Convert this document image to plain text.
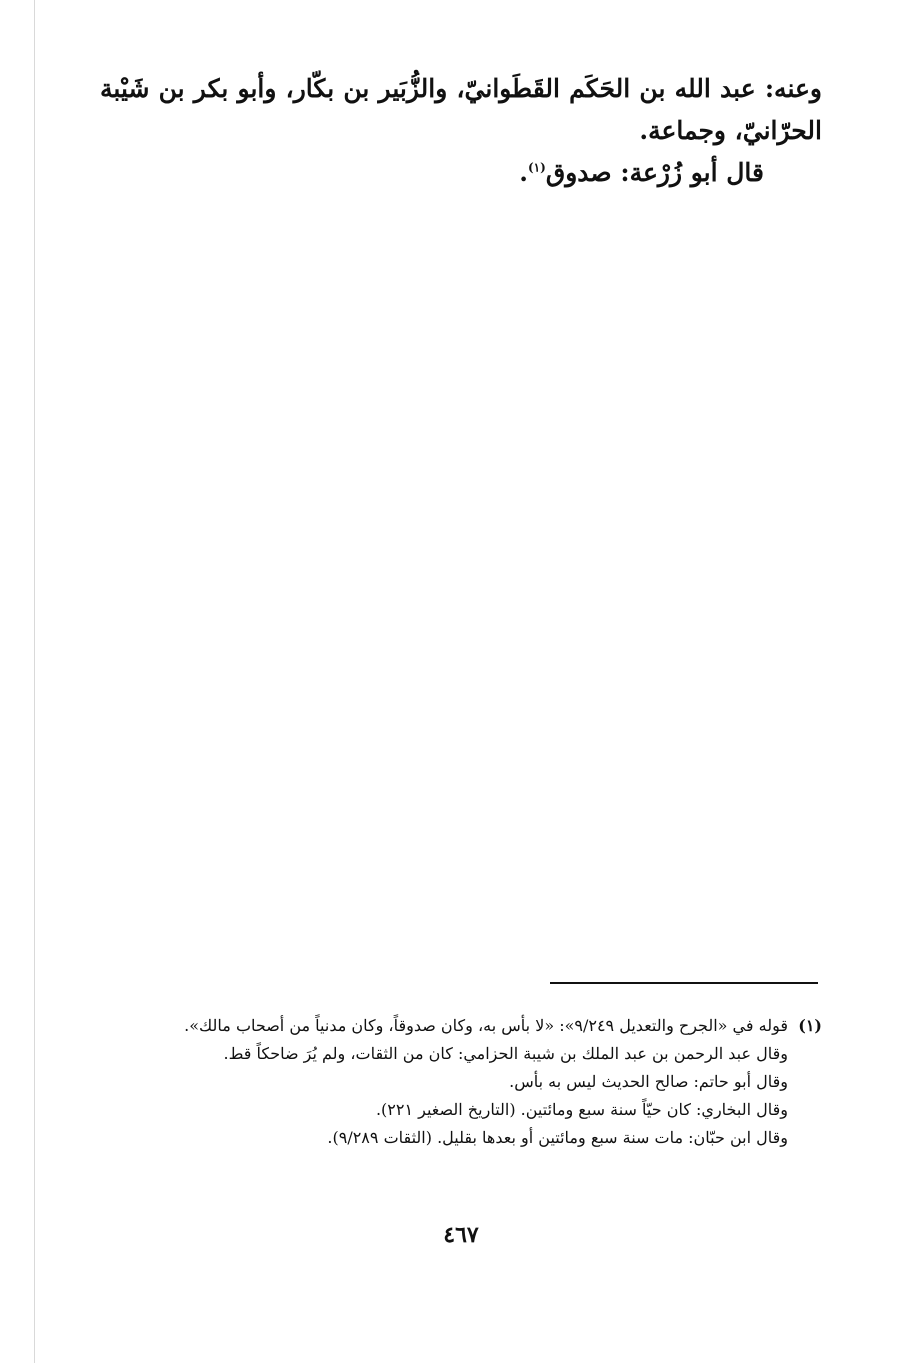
وعنه: عبد الله بن الحَكَم القَطَوانيّ، والزُّبَير بن بكّار، وأبو بكر بن شَيْبة الحرّانيّ، وجماعة.

قال أبو زُرْعة: صدوق$^{(١)}$.

(١)

قوله في «الجرح والتعديل ٩/٢٤٩»: «لا بأس به، وكان صدوقاً، وكان مدنياً من أصحاب مالك».

وقال عبد الرحمن بن عبد الملك بن شيبة الحزامي: كان من الثقات، ولم يُرَ ضاحكاً قط.

وقال أبو حاتم: صالح الحديث ليس به بأس.

وقال البخاري: كان حيّاً سنة سبع ومائتين. (التاريخ الصغير ٢٢١).

وقال ابن حبّان: مات سنة سبع ومائتين أو بعدها بقليل. (الثقات ٩/٢٨٩).

٤٦٧
